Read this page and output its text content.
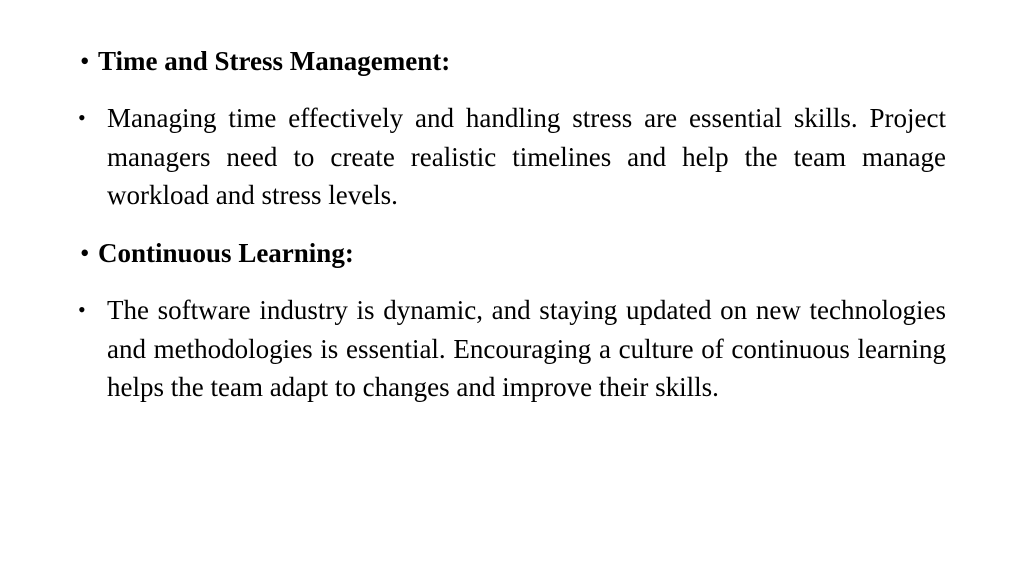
• Time and Stress Management:
• Managing time effectively and handling stress are essential skills. Project managers need to create realistic timelines and help the team manage workload and stress levels.
• Continuous Learning:
• The software industry is dynamic, and staying updated on new technologies and methodologies is essential. Encouraging a culture of continuous learning helps the team adapt to changes and improve their skills.
